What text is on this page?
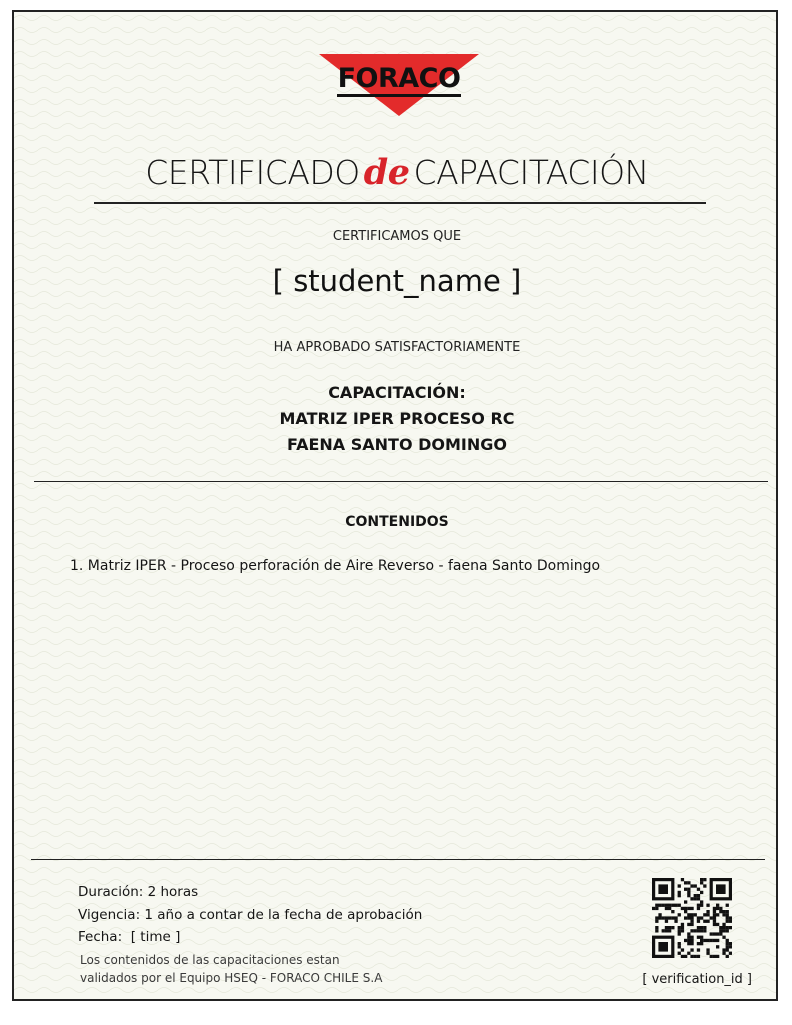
FORACO
CERTIFICADO de CAPACITACIÓN
CERTIFICAMOS QUE
[ student_name ]
HA APROBADO SATISFACTORIAMENTE
CAPACITACIÓN:
MATRIZ IPER PROCESO RC
FAENA SANTO DOMINGO
CONTENIDOS
1. Matriz IPER - Proceso perforación de Aire Reverso - faena Santo Domingo
Duración: 2 horas
Vigencia: 1 año a contar de la fecha de aprobación
Fecha: [ time ]
Los contenidos de las capacitaciones estan
validados por el Equipo HSEQ - FORACO CHILE S.A	[ verification_id ]
